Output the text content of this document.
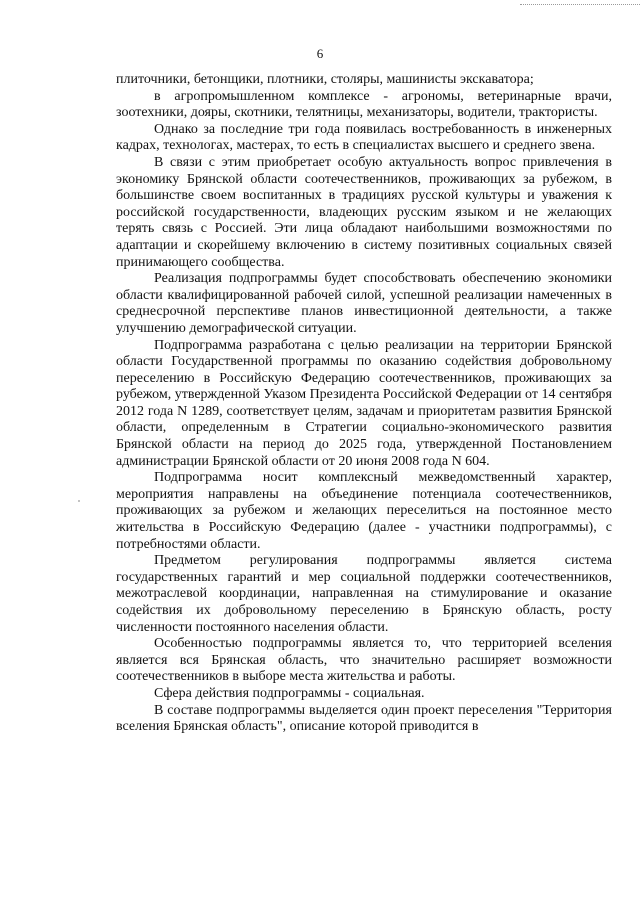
6

плиточники, бетонщики, плотники, столяры, машинисты экскаватора;

в агропромышленном комплексе - агрономы, ветеринарные врачи, зоотехники, дояры, скотники, телятницы, механизаторы, водители, трактористы.

Однако за последние три года появилась востребованность в инженерных кадрах, технологах, мастерах, то есть в специалистах высшего и среднего звена.

В связи с этим приобретает особую актуальность вопрос привлечения в экономику Брянской области соотечественников, проживающих за рубежом, в большинстве своем воспитанных в традициях русской культуры и уважения к российской государственности, владеющих русским языком и не желающих терять связь с Россией. Эти лица обладают наибольшими возможностями по адаптации и скорейшему включению в систему позитивных социальных связей принимающего сообщества.

Реализация подпрограммы будет способствовать обеспечению экономики области квалифицированной рабочей силой, успешной реализации намеченных в среднесрочной перспективе планов инвестиционной деятельности, а также улучшению демографической ситуации.

Подпрограмма разработана с целью реализации на территории Брянской области Государственной программы по оказанию содействия добровольному переселению в Российскую Федерацию соотечественников, проживающих за рубежом, утвержденной Указом Президента Российской Федерации от 14 сентября 2012 года N 1289, соответствует целям, задачам и приоритетам развития Брянской области, определенным в Стратегии социально-экономического развития Брянской области на период до 2025 года, утвержденной Постановлением администрации Брянской области от 20 июня 2008 года N 604.

Подпрограмма носит комплексный межведомственный характер, мероприятия направлены на объединение потенциала соотечественников, проживающих за рубежом и желающих переселиться на постоянное место жительства в Российскую Федерацию (далее - участники подпрограммы), с потребностями области.

Предметом регулирования подпрограммы является система государственных гарантий и мер социальной поддержки соотечественников, межотраслевой координации, направленная на стимулирование и оказание содействия их добровольному переселению в Брянскую область, росту численности постоянного населения области.

Особенностью подпрограммы является то, что территорией вселения является вся Брянская область, что значительно расширяет возможности соотечественников в выборе места жительства и работы.

Сфера действия подпрограммы - социальная.

В составе подпрограммы выделяется один проект переселения "Территория вселения Брянская область", описание которой приводится в
